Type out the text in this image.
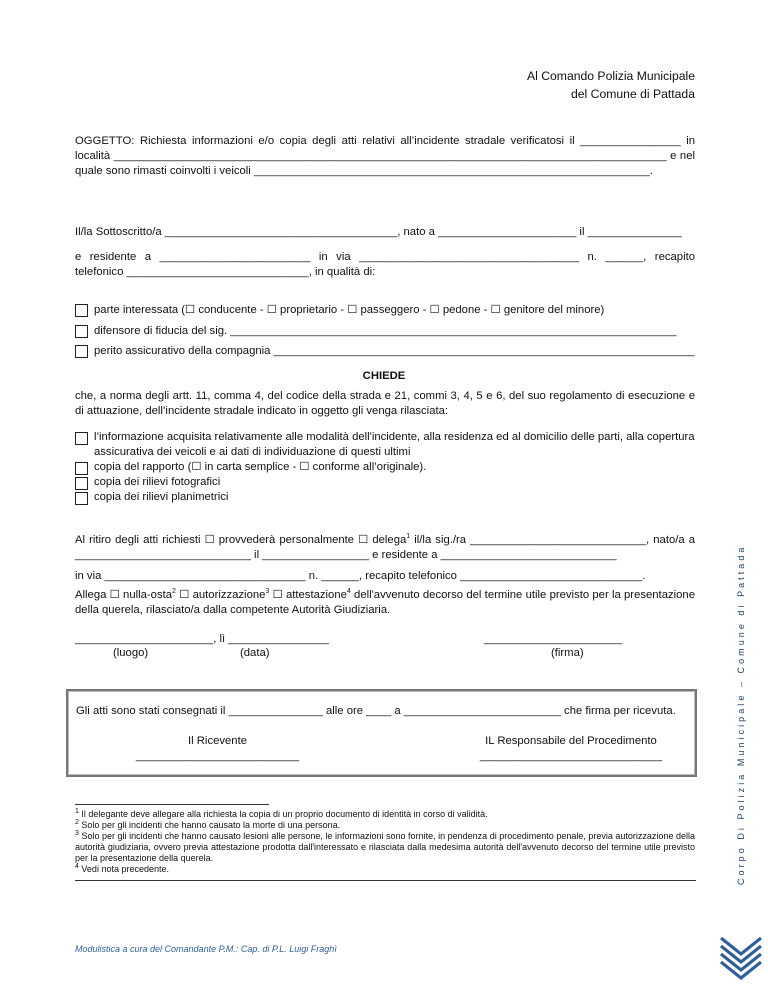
Al Comando Polizia Municipale
del Comune di Pattada
OGGETTO: Richiesta informazioni e/o copia degli atti relativi all’incidente stradale verificatosi il ________________ in località ________________________________________________________________________________________ e nel quale sono rimasti coinvolti i veicoli _______________________________________________________________.
Il/la Sottoscritto/a _____________________________________, nato a ______________________ il _______________
e residente a ________________________ in via ___________________________________ n. ______, recapito telefonico _____________________________, in qualità di:
parte interessata (☐ conducente - ☐ proprietario - ☐ passeggero - ☐ pedone - ☐ genitore del minore)
difensore di fiducia del sig. _______________________________________________________________________
perito assicurativo della compagnia ___________________________________________________________________
CHIEDE
che, a norma degli artt. 11, comma 4, del codice della strada e 21, commi 3, 4, 5 e 6, del suo regolamento di esecuzione e di attuazione, dell’incidente stradale indicato in oggetto gli venga rilasciata:
l’informazione acquisita relativamente alle modalità dell'incidente, alla residenza ed al domicilio delle parti, alla copertura assicurativa dei veicoli e ai dati di individuazione di questi ultimi
copia del rapporto (☐ in carta semplice - ☐ conforme all’originale).
copia dei rilievi fotografici
copia dei rilievi planimetrici
Al ritiro degli atti richiesti ☐ provvederà personalmente ☐ delega$^1$ il/la sig./ra ____________________________, nato/a a ____________________________ il _________________ e residente a ____________________________
in via ________________________________ n. ______, recapito telefonico _____________________________.
Allega ☐ nulla-osta$^2$ ☐ autorizzazione$^3$ ☐ attestazione$^4$ dell'avvenuto decorso del termine utile previsto per la presentazione della querela, rilasciato/a dalla competente Autorità Giudiziaria.
______________________, lì ________________
(luogo)	(data)
______________________
(firma)
Gli atti sono stati consegnati il _______________ alle ore ____ a _________________________ che firma per ricevuta.
Il Ricevente
__________________________
IL Responsabile del Procedimento
_____________________________
$^1$ Il delegante deve allegare alla richiesta la copia di un proprio documento di identità in corso di validità.
$^2$ Solo per gli incidenti che hanno causato la morte di una persona.
$^3$ Solo per gli incidenti che hanno causato lesioni alle persone, le informazioni sono fornite, in pendenza di procedimento penale, previa autorizzazione della autorità giudiziaria, ovvero previa attestazione prodotta dall'interessato e rilasciata dalla medesima autorità dell'avvenuto decorso del termine utile previsto per la presentazione della querela.
$^4$ Vedi nota precedente.
Modulistica a cura del Comandante P.M.: Cap. di P.L. Luigi Fraghì
Corpo Di Polizia Municipale – Comune di Pattada
